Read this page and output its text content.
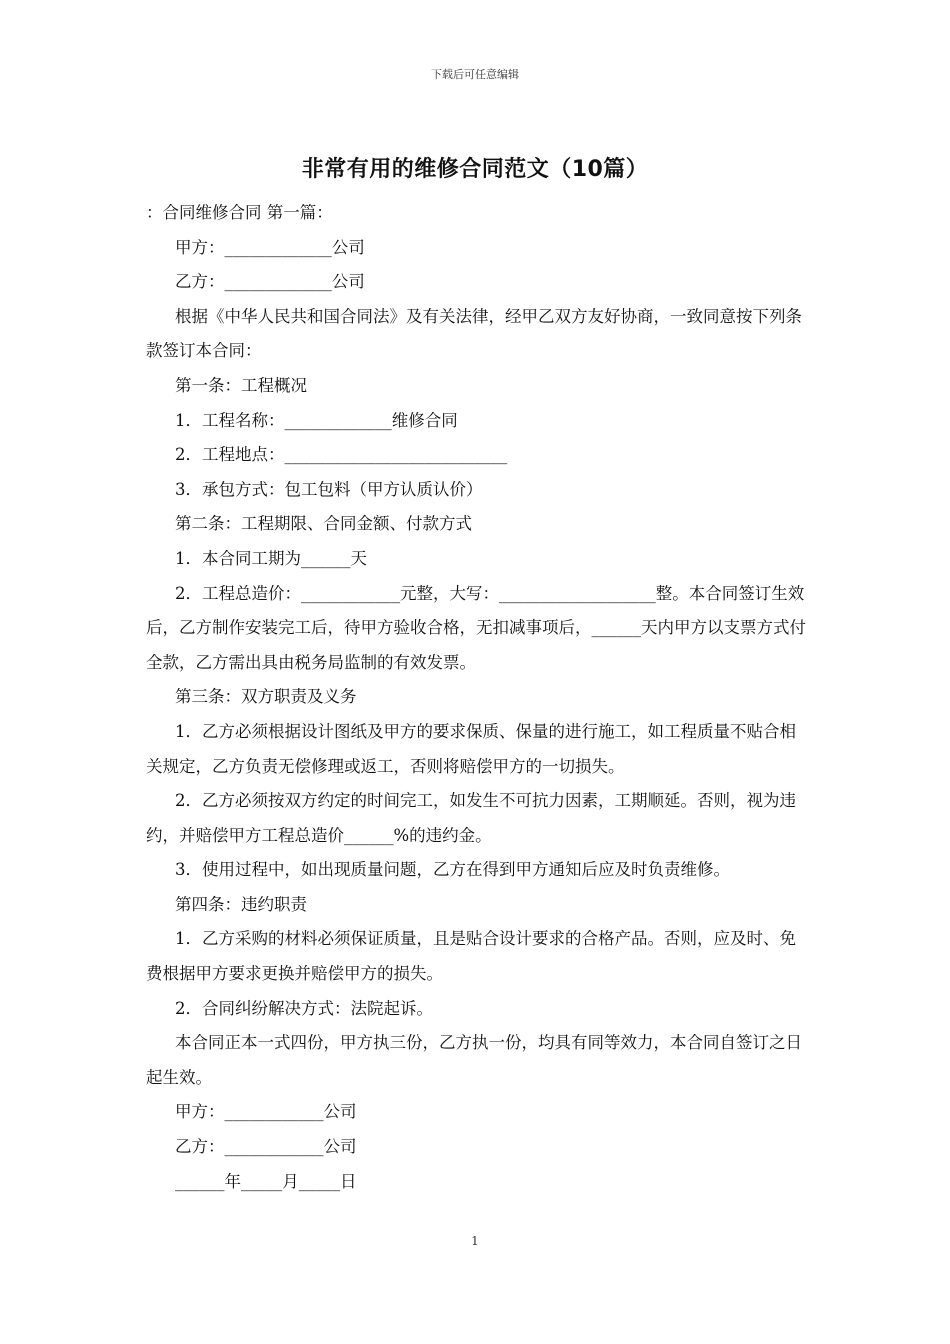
下载后可任意编辑
非常有用的维修合同范文（10篇）

：合同维修合同 第一篇：

甲方：_____________公司

乙方：_____________公司

根据《中华人民共和国合同法》及有关法律，经甲乙双方友好协商，一致同意按下列条款签订本合同：

第一条：工程概况

1．工程名称：_____________维修合同

2．工程地点：___________________________

3．承包方式：包工包料（甲方认质认价）

第二条：工程期限、合同金额、付款方式

1．本合同工期为______天

2．工程总造价：____________元整，大写：___________________整。本合同签订生效后，乙方制作安装完工后，待甲方验收合格，无扣减事项后，______天内甲方以支票方式付全款，乙方需出具由税务局监制的有效发票。

第三条：双方职责及义务

1．乙方必须根据设计图纸及甲方的要求保质、保量的进行施工，如工程质量不贴合相关规定，乙方负责无偿修理或返工，否则将赔偿甲方的一切损失。

2．乙方必须按双方约定的时间完工，如发生不可抗力因素，工期顺延。否则，视为违约，并赔偿甲方工程总造价______%的违约金。

3．使用过程中，如出现质量问题，乙方在得到甲方通知后应及时负责维修。

第四条：违约职责

1．乙方采购的材料必须保证质量，且是贴合设计要求的合格产品。否则，应及时、免费根据甲方要求更换并赔偿甲方的损失。

2．合同纠纷解决方式：法院起诉。

本合同正本一式四份，甲方执三份，乙方执一份，均具有同等效力，本合同自签订之日起生效。

甲方：____________公司

乙方：____________公司

______年_____月_____日

1
